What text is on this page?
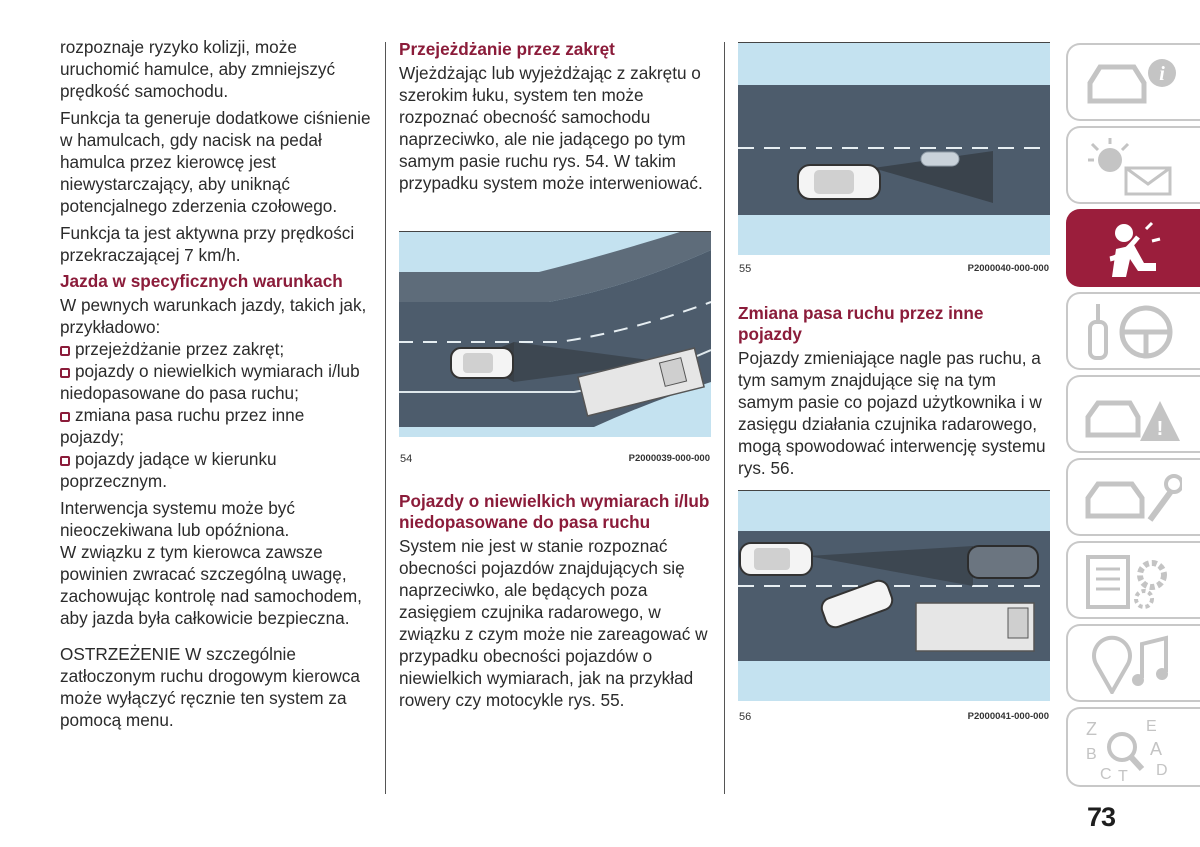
rozpoznaje ryzyko kolizji, może uruchomić hamulce, aby zmniejszyć prędkość samochodu.

Funkcja ta generuje dodatkowe ciśnienie w hamulcach, gdy nacisk na pedał hamulca przez kierowcę jest niewystarczający, aby uniknąć potencjalnego zderzenia czołowego.

Funkcja ta jest aktywna przy prędkości przekraczającej 7 km/h.

Jazda w specyficznych warunkach
W pewnych warunkach jazdy, takich jak, przykładowo:
przejeżdżanie przez zakręt;
pojazdy o niewielkich wymiarach i/lub niedopasowane do pasa ruchu;
zmiana pasa ruchu przez inne pojazdy;
pojazdy jadące w kierunku poprzecznym.

Interwencja systemu może być nieoczekiwana lub opóźniona.

W związku z tym kierowca zawsze powinien zwracać szczególną uwagę, zachowując kontrolę nad samochodem, aby jazda była całkowicie bezpieczna.

OSTRZEŻENIE W szczególnie zatłoczonym ruchu drogowym kierowca może wyłączyć ręcznie ten system za pomocą menu.

Przejeżdżanie przez zakręt

Wjeżdżając lub wyjeżdżając z zakrętu o szerokim łuku, system ten może rozpoznać obecność samochodu naprzeciwko, ale nie jadącego po tym samym pasie ruchu rys. 54. W takim przypadku system może interweniować.

Pojazdy o niewielkich wymiarach i/lub niedopasowane do pasa ruchu

System nie jest w stanie rozpoznać obecności pojazdów znajdujących się naprzeciwko, ale będących poza zasięgiem czujnika radarowego, w związku z czym może nie zareagować w przypadku obecności pojazdów o niewielkich wymiarach, jak na przykład rowery czy motocykle rys. 55.

54	P2000039-000-000
55	P2000040-000-000
Zmiana pasa ruchu przez inne pojazdy

Pojazdy zmieniające nagle pas ruchu, a tym samym znajdujące się na tym samym pasie co pojazd użytkownika i w zasięgu działania czujnika radarowego, mogą spowodować interwencję systemu rys. 56.

56	P2000041-000-000
i
!
Z	E
B	A
C T D
73
